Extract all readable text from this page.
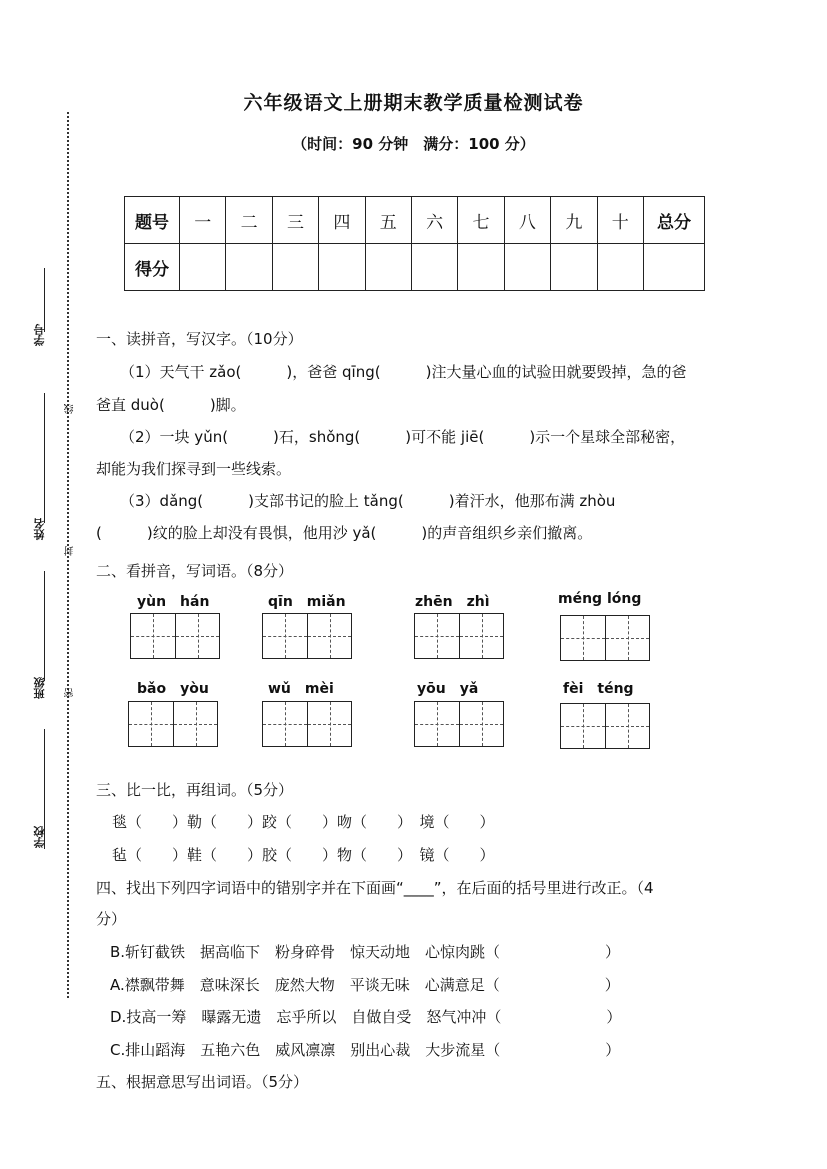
六年级语文上册期末教学质量检测试卷
（时间：90 分钟　满分：100 分）
学号
线
姓名
封
班级 密
学校
题号	一	二	三	四	五	六	七	八	九	十	总分
得分											
一、读拼音，写汉字。（10分）
（1）天气干 zǎo(　　　)，爸爸 qīng(　　　)注大量心血的试验田就要毁掉，急的爸
爸直 duò(　　　)脚。
（2）一块 yǔn(　　　)石，shǒng(　　　)可不能 jiē(　　　)示一个星球全部秘密，
却能为我们探寻到一些线索。
（3）dǎng(　　　)支部书记的脸上 tǎng(　　　)着汗水，他那布满 zhòu
(　　　)纹的脸上却没有畏惧，他用沙 yǎ(　　　)的声音组织乡亲们撤离。
二、看拼音，写词语。（8分）
yùn　hán	qīn　miǎn	zhēn　zhì	méng lóng
bǎo　yòu	wǔ　mèi	yōu　yǎ	fèi　téng
三、比一比，再组词。（5分）
毯（　　）勒（　　）跤（　　）吻（　　）　境（　　）
毡（　　）鞋（　　）胶（　　）物（　　）　镜（　　）
四、找出下列四字词语中的错别字并在下面画“____”，在后面的括号里进行改正。（4
分）
B.斩钉截铁　据高临下　粉身碎骨　惊天动地　心惊肉跳（　　　　　　　）
A.襟飘带舞　意味深长　庞然大物　平谈无味　心满意足（　　　　　　　）
D.技高一筹　曝露无遗　忘乎所以　自做自受　怒气冲冲（　　　　　　　）
C.排山蹈海　五艳六色　威风凛凛　别出心裁　大步流星（　　　　　　　）
五、根据意思写出词语。（5分）
